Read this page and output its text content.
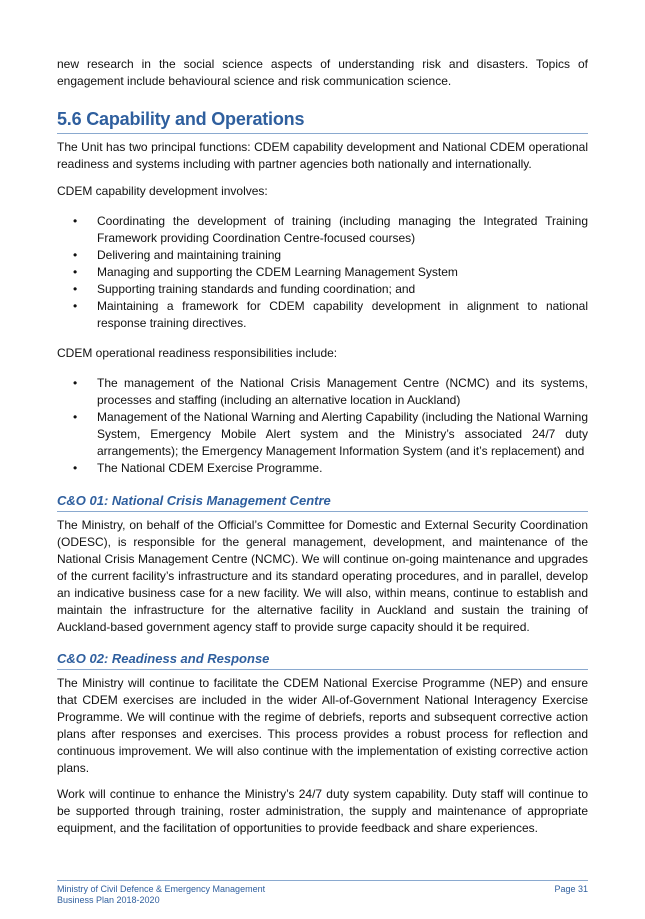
new research in the social science aspects of understanding risk and disasters. Topics of engagement include behavioural science and risk communication science.

5.6 Capability and Operations

The Unit has two principal functions: CDEM capability development and National CDEM operational readiness and systems including with partner agencies both nationally and internationally.

CDEM capability development involves:

• Coordinating the development of training (including managing the Integrated Training Framework providing Coordination Centre-focused courses)
• Delivering and maintaining training
• Managing and supporting the CDEM Learning Management System
• Supporting training standards and funding coordination; and
• Maintaining a framework for CDEM capability development in alignment to national response training directives.

CDEM operational readiness responsibilities include:

• The management of the National Crisis Management Centre (NCMC) and its systems, processes and staffing (including an alternative location in Auckland)
• Management of the National Warning and Alerting Capability (including the National Warning System, Emergency Mobile Alert system and the Ministry’s associated 24/7 duty arrangements); the Emergency Management Information System (and it’s replacement) and
• The National CDEM Exercise Programme.
C&O 01: National Crisis Management Centre

The Ministry, on behalf of the Official’s Committee for Domestic and External Security Coordination (ODESC), is responsible for the general management, development, and maintenance of the National Crisis Management Centre (NCMC). We will continue on-going maintenance and upgrades of the current facility’s infrastructure and its standard operating procedures, and in parallel, develop an indicative business case for a new facility. We will also, within means, continue to establish and maintain the infrastructure for the alternative facility in Auckland and sustain the training of Auckland-based government agency staff to provide surge capacity should it be required.

C&O 02: Readiness and Response

The Ministry will continue to facilitate the CDEM National Exercise Programme (NEP) and ensure that CDEM exercises are included in the wider All-of-Government National Interagency Exercise Programme. We will continue with the regime of debriefs, reports and subsequent corrective action plans after responses and exercises. This process provides a robust process for reflection and continuous improvement. We will also continue with the implementation of existing corrective action plans.

Work will continue to enhance the Ministry’s 24/7 duty system capability. Duty staff will continue to be supported through training, roster administration, the supply and maintenance of appropriate equipment, and the facilitation of opportunities to provide feedback and share experiences.

Ministry of Civil Defence & Emergency Management
Business Plan 2018-2020
Page 31
